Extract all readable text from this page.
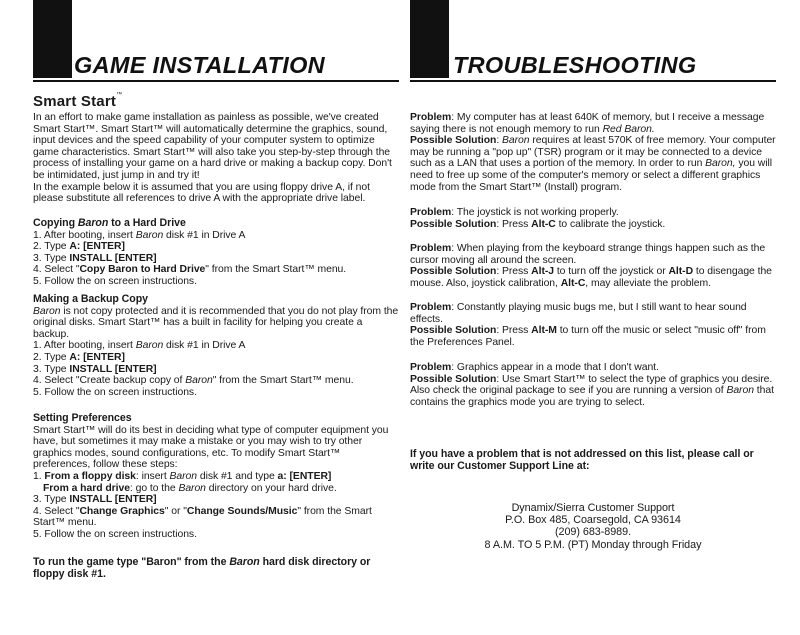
GAME INSTALLATION
Smart Start™

In an effort to make game installation as painless as possible, we've created Smart Start™. Smart Start™ will automatically determine the graphics, sound, input devices and the speed capability of your computer system to optimize game characteristics. Smart Start™ will also take you step-by-step through the process of installing your game on a hard drive or making a backup copy. Don't be intimidated, just jump in and try it!

In the example below it is assumed that you are using floppy drive A, if not please substitute all references to drive A with the appropriate drive label.

Copying Baron to a Hard Drive
1. After booting, insert Baron disk #1 in Drive A
2. Type A: [ENTER]
3. Type INSTALL [ENTER]
4. Select "Copy Baron to Hard Drive" from the Smart Start™ menu.
5. Follow the on screen instructions.
Making a Backup Copy

Baron is not copy protected and it is recommended that you do not play from the original disks. Smart Start™ has a built in facility for helping you create a backup.

1. After booting, insert Baron disk #1 in Drive A
2. Type A: [ENTER]
3. Type INSTALL [ENTER]
4. Select "Create backup copy of Baron" from the Smart Start™ menu.
5. Follow the on screen instructions.
Setting Preferences

Smart Start™ will do its best in deciding what type of computer equipment you have, but sometimes it may make a mistake or you may wish to try other graphics modes, sound configurations, etc. To modify Smart Start™ preferences, follow these steps:

1. From a floppy disk: insert Baron disk #1 and type a: [ENTER]
From a hard drive: go to the Baron directory on your hard drive.
3. Type INSTALL [ENTER]
4. Select "Change Graphics" or "Change Sounds/Music" from the Smart Start™ menu.
5. Follow the on screen instructions.
To run the game type "Baron" from the Baron hard disk directory or floppy disk #1.
TROUBLESHOOTING

Problem: My computer has at least 640K of memory, but I receive a message saying there is not enough memory to run Red Baron.

Possible Solution: Baron requires at least 570K of free memory. Your computer may be running a "pop up" (TSR) program or it may be connected to a device such as a LAN that uses a portion of the memory. In order to run Baron, you will need to free up some of the computer's memory or select a different graphics mode from the Smart Start™ (Install) program.

Problem: The joystick is not working properly.

Possible Solution: Press Alt-C to calibrate the joystick.

Problem: When playing from the keyboard strange things happen such as the cursor moving all around the screen.

Possible Solution: Press Alt-J to turn off the joystick or Alt-D to disengage the mouse. Also, joystick calibration, Alt-C, may alleviate the problem.

Problem: Constantly playing music bugs me, but I still want to hear sound effects.

Possible Solution: Press Alt-M to turn off the music or select "music off" from the Preferences Panel.

Problem: Graphics appear in a mode that I don't want.

Possible Solution: Use Smart Start™ to select the type of graphics you desire. Also check the original package to see if you are running a version of Baron that contains the graphics mode you are trying to select.

If you have a problem that is not addressed on this list, please call or write our Customer Support Line at:
Dynamix/Sierra Customer Support
P.O. Box 485, Coarsegold, CA 93614
(209) 683-8989.
8 A.M. TO 5 P.M. (PT) Monday through Friday
